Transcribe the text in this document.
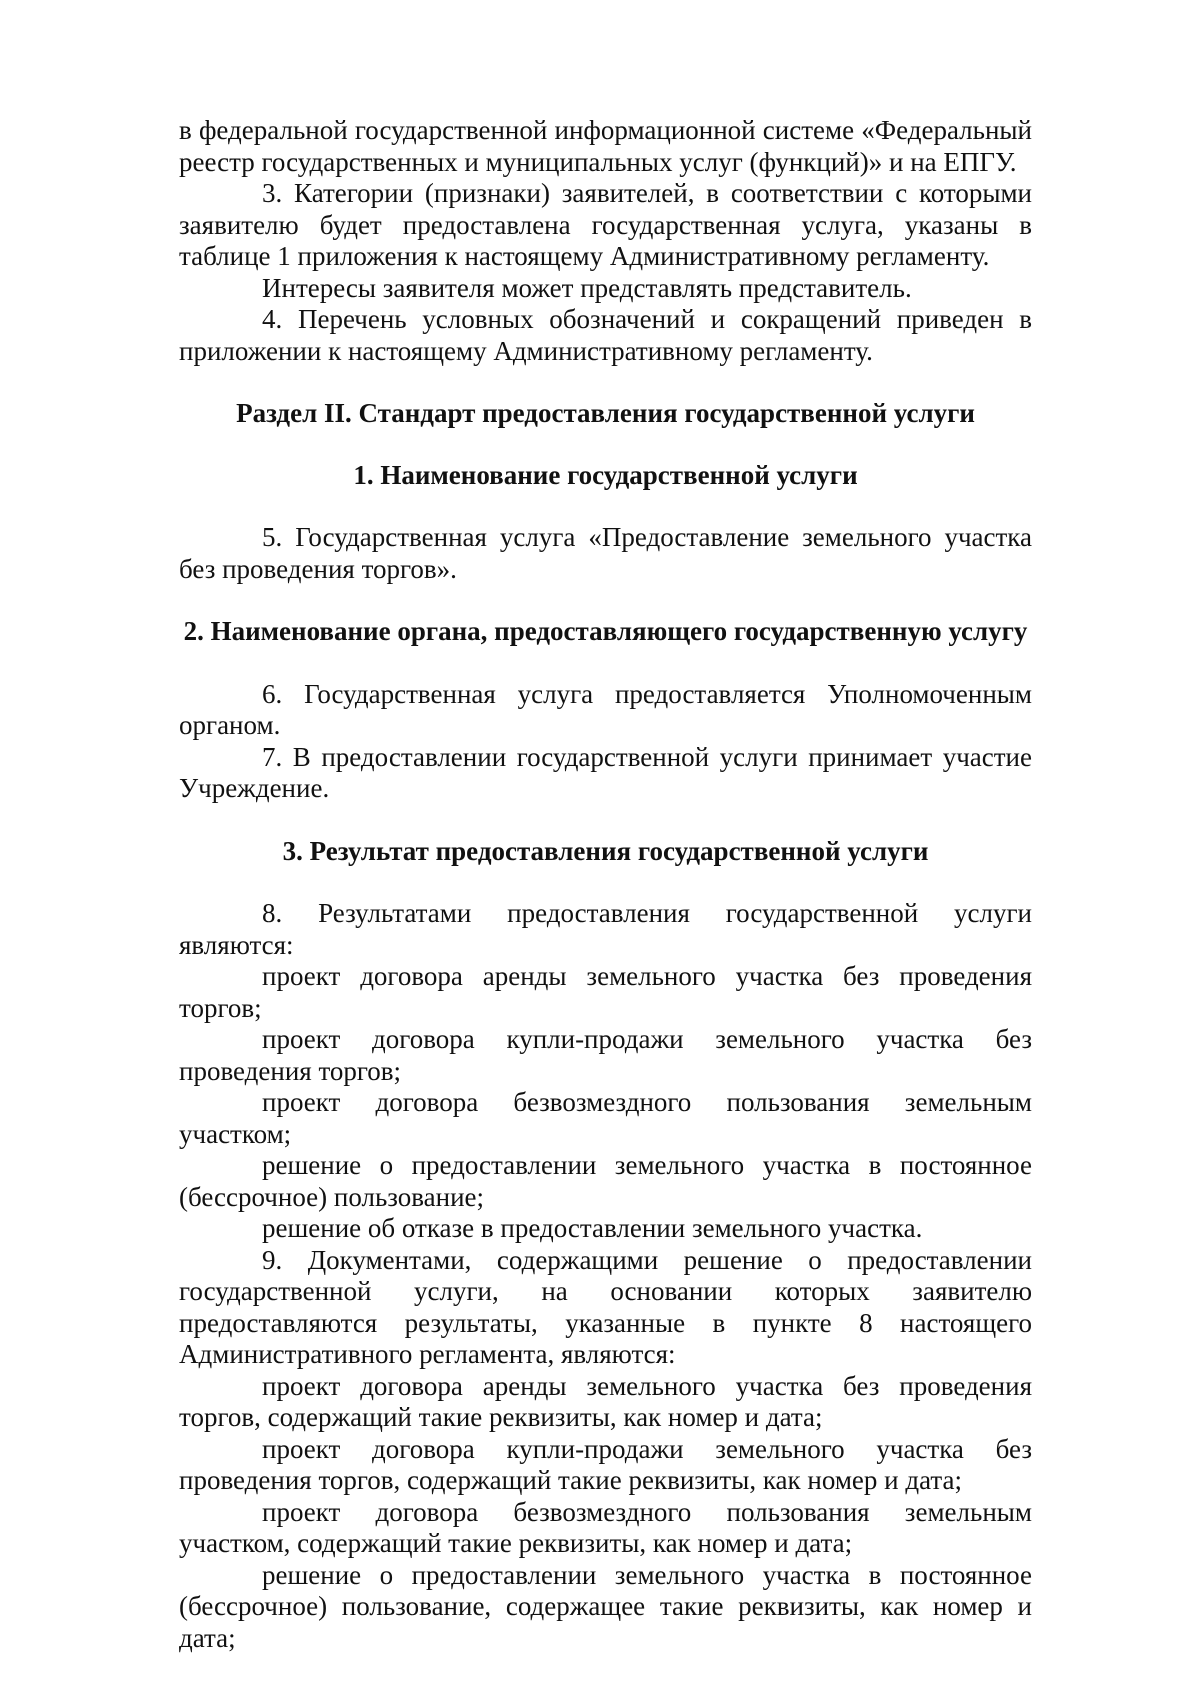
в федеральной государственной информационной системе «Федеральный реестр государственных и муниципальных услуг (функций)» и на ЕПГУ.

3. Категории (признаки) заявителей, в соответствии с которыми заявителю будет предоставлена государственная услуга, указаны в таблице 1 приложения к настоящему Административному регламенту.

Интересы заявителя может представлять представитель.

4. Перечень условных обозначений и сокращений приведен в приложении к настоящему Административному регламенту.

Раздел II. Стандарт предоставления государственной услуги
1. Наименование государственной услуги

5. Государственная услуга «Предоставление земельного участка без проведения торгов».

2. Наименование органа, предоставляющего государственную услугу

6. Государственная услуга предоставляется Уполномоченным органом.

7. В предоставлении государственной услуги принимает участие Учреждение.

3. Результат предоставления государственной услуги

8. Результатами предоставления государственной услуги являются:

проект договора аренды земельного участка без проведения торгов;

проект договора купли-продажи земельного участка без проведения торгов;

проект договора безвозмездного пользования земельным участком;

решение о предоставлении земельного участка в постоянное (бессрочное) пользование;

решение об отказе в предоставлении земельного участка.

9. Документами, содержащими решение о предоставлении государственной услуги, на основании которых заявителю предоставляются результаты, указанные в пункте 8 настоящего Административного регламента, являются:

проект договора аренды земельного участка без проведения торгов, содержащий такие реквизиты, как номер и дата;

проект договора купли-продажи земельного участка без проведения торгов, содержащий такие реквизиты, как номер и дата;

проект договора безвозмездного пользования земельным участком, содержащий такие реквизиты, как номер и дата;

решение о предоставлении земельного участка в постоянное (бессрочное) пользование, содержащее такие реквизиты, как номер и дата;
